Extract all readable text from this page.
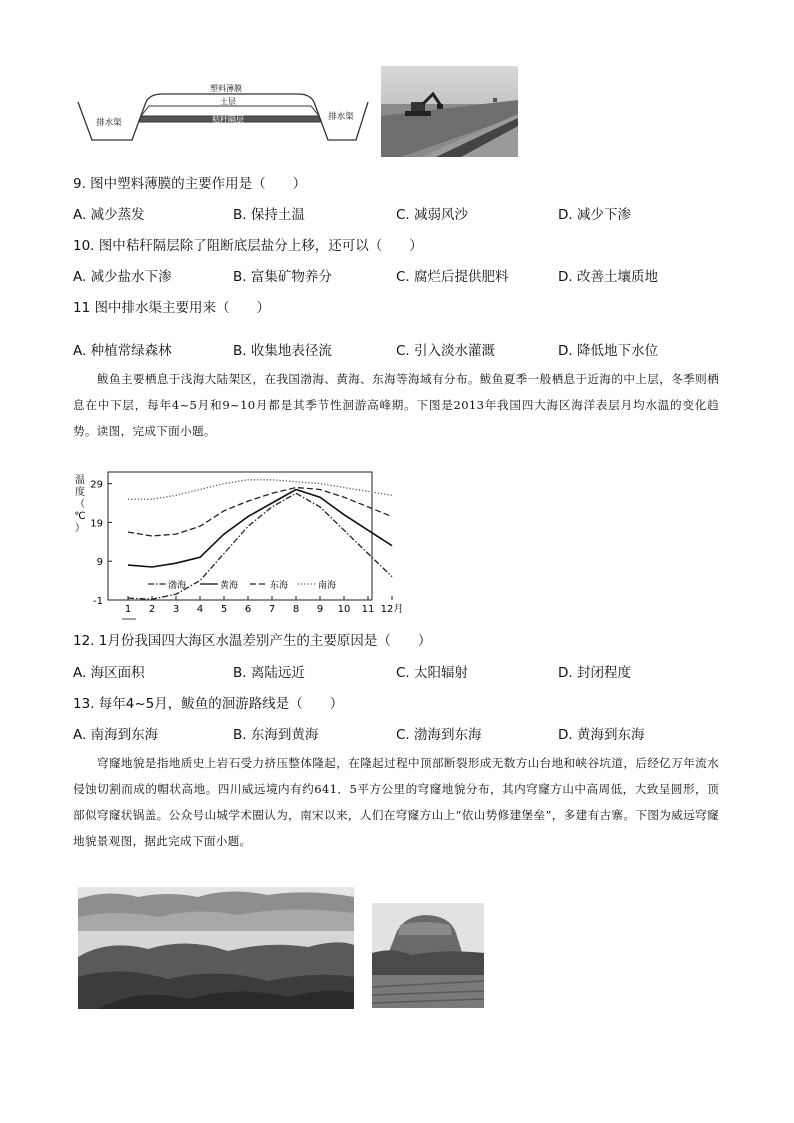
塑料薄膜
土层
秸秆隔层
排水渠
排水渠
9. 图中塑料薄膜的主要作用是（　　）
A. 减少蒸发	B. 保持土温	C. 减弱风沙	D. 减少下渗
10. 图中秸秆隔层除了阻断底层盐分上移，还可以（　　）
A. 减少盐水下渗	B. 富集矿物养分	C. 腐烂后提供肥料	D. 改善土壤质地
11 图中排水渠主要用来（　　）
A. 种植常绿森林	B. 收集地表径流	C. 引入淡水灌溉	D. 降低地下水位
鲅鱼主要栖息于浅海大陆架区，在我国渤海、黄海、东海等海域有分布。鲅鱼夏季一般栖息于近海的中上层，冬季则栖息在中下层，每年4~5月和9~10月都是其季节性洄游高峰期。下图是2013年我国四大海区海洋表层月均水温的变化趋势。读图，完成下面小题。
温
度
（
℃
）
-1
9
19
29
1 2 3 4 5 6 7 8 9 10 11 12月
渤海	黄海	东海	南海
12. 1月份我国四大海区水温差别产生的主要原因是（　　）
A. 海区面积	B. 离陆远近	C. 太阳辐射	D. 封闭程度
13. 每年4~5月，鲅鱼的洄游路线是（　　）
A. 南海到东海	B. 东海到黄海	C. 渤海到东海	D. 黄海到东海
穹窿地貌是指地质史上岩石受力挤压整体隆起，在隆起过程中顶部断裂形成无数方山台地和峡谷坑道，后经亿万年流水侵蚀切割而成的帽状高地。四川威远境内有约641．5平方公里的穹窿地貌分布，其内穹窿方山中高周低，大致呈圆形，顶部似穹窿状锅盖。公众号山城学术圈认为，南宋以来，人们在穹窿方山上“依山势修建堡垒”，多建有古寨。下图为威远穹窿地貌景观图，据此完成下面小题。
